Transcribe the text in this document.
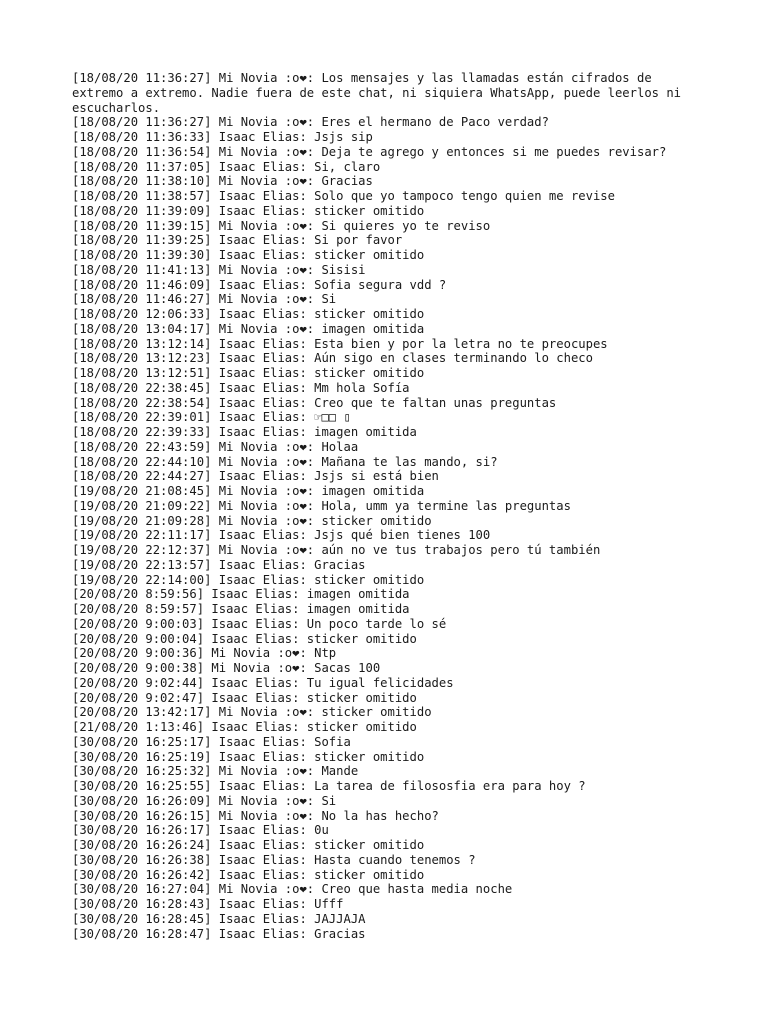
[18/08/20 11:36:27] Mi Novia :o❤: Los mensajes y las llamadas están cifrados de extremo a extremo. Nadie fuera de este chat, ni siquiera WhatsApp, puede leerlos ni escucharlos.
[18/08/20 11:36:27] Mi Novia :o❤: Eres el hermano de Paco verdad?
[18/08/20 11:36:33] Isaac Elias: Jsjs sip
[18/08/20 11:36:54] Mi Novia :o❤: Deja te agrego y entonces si me puedes revisar?
[18/08/20 11:37:05] Isaac Elias: Si, claro
[18/08/20 11:38:10] Mi Novia :o❤: Gracias
[18/08/20 11:38:57] Isaac Elias: Solo que yo tampoco tengo quien me revise
[18/08/20 11:39:09] Isaac Elias: sticker omitido
[18/08/20 11:39:15] Mi Novia :o❤: Si quieres yo te reviso
[18/08/20 11:39:25] Isaac Elias: Si por favor
[18/08/20 11:39:30] Isaac Elias: sticker omitido
[18/08/20 11:41:13] Mi Novia :o❤: Sisisi
[18/08/20 11:46:09] Isaac Elias: Sofia segura vdd ?
[18/08/20 11:46:27] Mi Novia :o❤: Si
[18/08/20 12:06:33] Isaac Elias: sticker omitido
[18/08/20 13:04:17] Mi Novia :o❤: imagen omitida
[18/08/20 13:12:14] Isaac Elias: Esta bien y por la letra no te preocupes
[18/08/20 13:12:23] Isaac Elias: Aún sigo en clases terminando lo checo
[18/08/20 13:12:51] Isaac Elias: sticker omitido
[18/08/20 22:38:45] Isaac Elias: Mm hola Sofía
[18/08/20 22:38:54] Isaac Elias: Creo que te faltan unas preguntas
[18/08/20 22:39:01] Isaac Elias: ☞□□ ▯
[18/08/20 22:39:33] Isaac Elias: imagen omitida
[18/08/20 22:43:59] Mi Novia :o❤: Holaa
[18/08/20 22:44:10] Mi Novia :o❤: Mañana te las mando, si?
[18/08/20 22:44:27] Isaac Elias: Jsjs si está bien
[19/08/20 21:08:45] Mi Novia :o❤: imagen omitida
[19/08/20 21:09:22] Mi Novia :o❤: Hola, umm ya termine las preguntas
[19/08/20 21:09:28] Mi Novia :o❤: sticker omitido
[19/08/20 22:11:17] Isaac Elias: Jsjs qué bien tienes 100
[19/08/20 22:12:37] Mi Novia :o❤: aún no ve tus trabajos pero tú también
[19/08/20 22:13:57] Isaac Elias: Gracias
[19/08/20 22:14:00] Isaac Elias: sticker omitido
[20/08/20 8:59:56] Isaac Elias: imagen omitida
[20/08/20 8:59:57] Isaac Elias: imagen omitida
[20/08/20 9:00:03] Isaac Elias: Un poco tarde lo sé
[20/08/20 9:00:04] Isaac Elias: sticker omitido
[20/08/20 9:00:36] Mi Novia :o❤: Ntp
[20/08/20 9:00:38] Mi Novia :o❤: Sacas 100
[20/08/20 9:02:44] Isaac Elias: Tu igual felicidades
[20/08/20 9:02:47] Isaac Elias: sticker omitido
[20/08/20 13:42:17] Mi Novia :o❤: sticker omitido
[21/08/20 1:13:46] Isaac Elias: sticker omitido
[30/08/20 16:25:17] Isaac Elias: Sofia
[30/08/20 16:25:19] Isaac Elias: sticker omitido
[30/08/20 16:25:32] Mi Novia :o❤: Mande
[30/08/20 16:25:55] Isaac Elias: La tarea de filososfia era para hoy ?
[30/08/20 16:26:09] Mi Novia :o❤: Si
[30/08/20 16:26:15] Mi Novia :o❤: No la has hecho?
[30/08/20 16:26:17] Isaac Elias: 0u
[30/08/20 16:26:24] Isaac Elias: sticker omitido
[30/08/20 16:26:38] Isaac Elias: Hasta cuando tenemos ?
[30/08/20 16:26:42] Isaac Elias: sticker omitido
[30/08/20 16:27:04] Mi Novia :o❤: Creo que hasta media noche
[30/08/20 16:28:43] Isaac Elias: Ufff
[30/08/20 16:28:45] Isaac Elias: JAJJAJA
[30/08/20 16:28:47] Isaac Elias: Gracias
